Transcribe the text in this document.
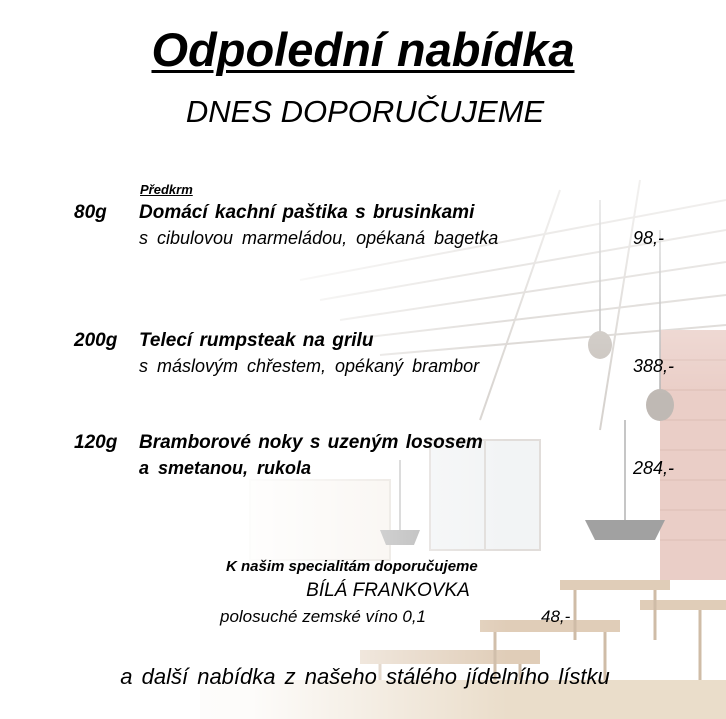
Odpolední nabídka
DNES DOPORUČUJEME
Předkrm
80g Domácí kachní paštika s brusinkami
s cibulovou marmeládou, opékaná bagetka	98,-
200g Telecí rumpsteak na grilu
s máslovým chřestem, opékaný brambor	388,-
120g Bramborové noky s uzeným lososem
a smetanou, rukola	284,-
K našim specialitám doporučujeme
BÍLÁ FRANKOVKA
polosuché zemské víno 0,1	48,-
a další nabídka z našeho stálého jídelního lístku
